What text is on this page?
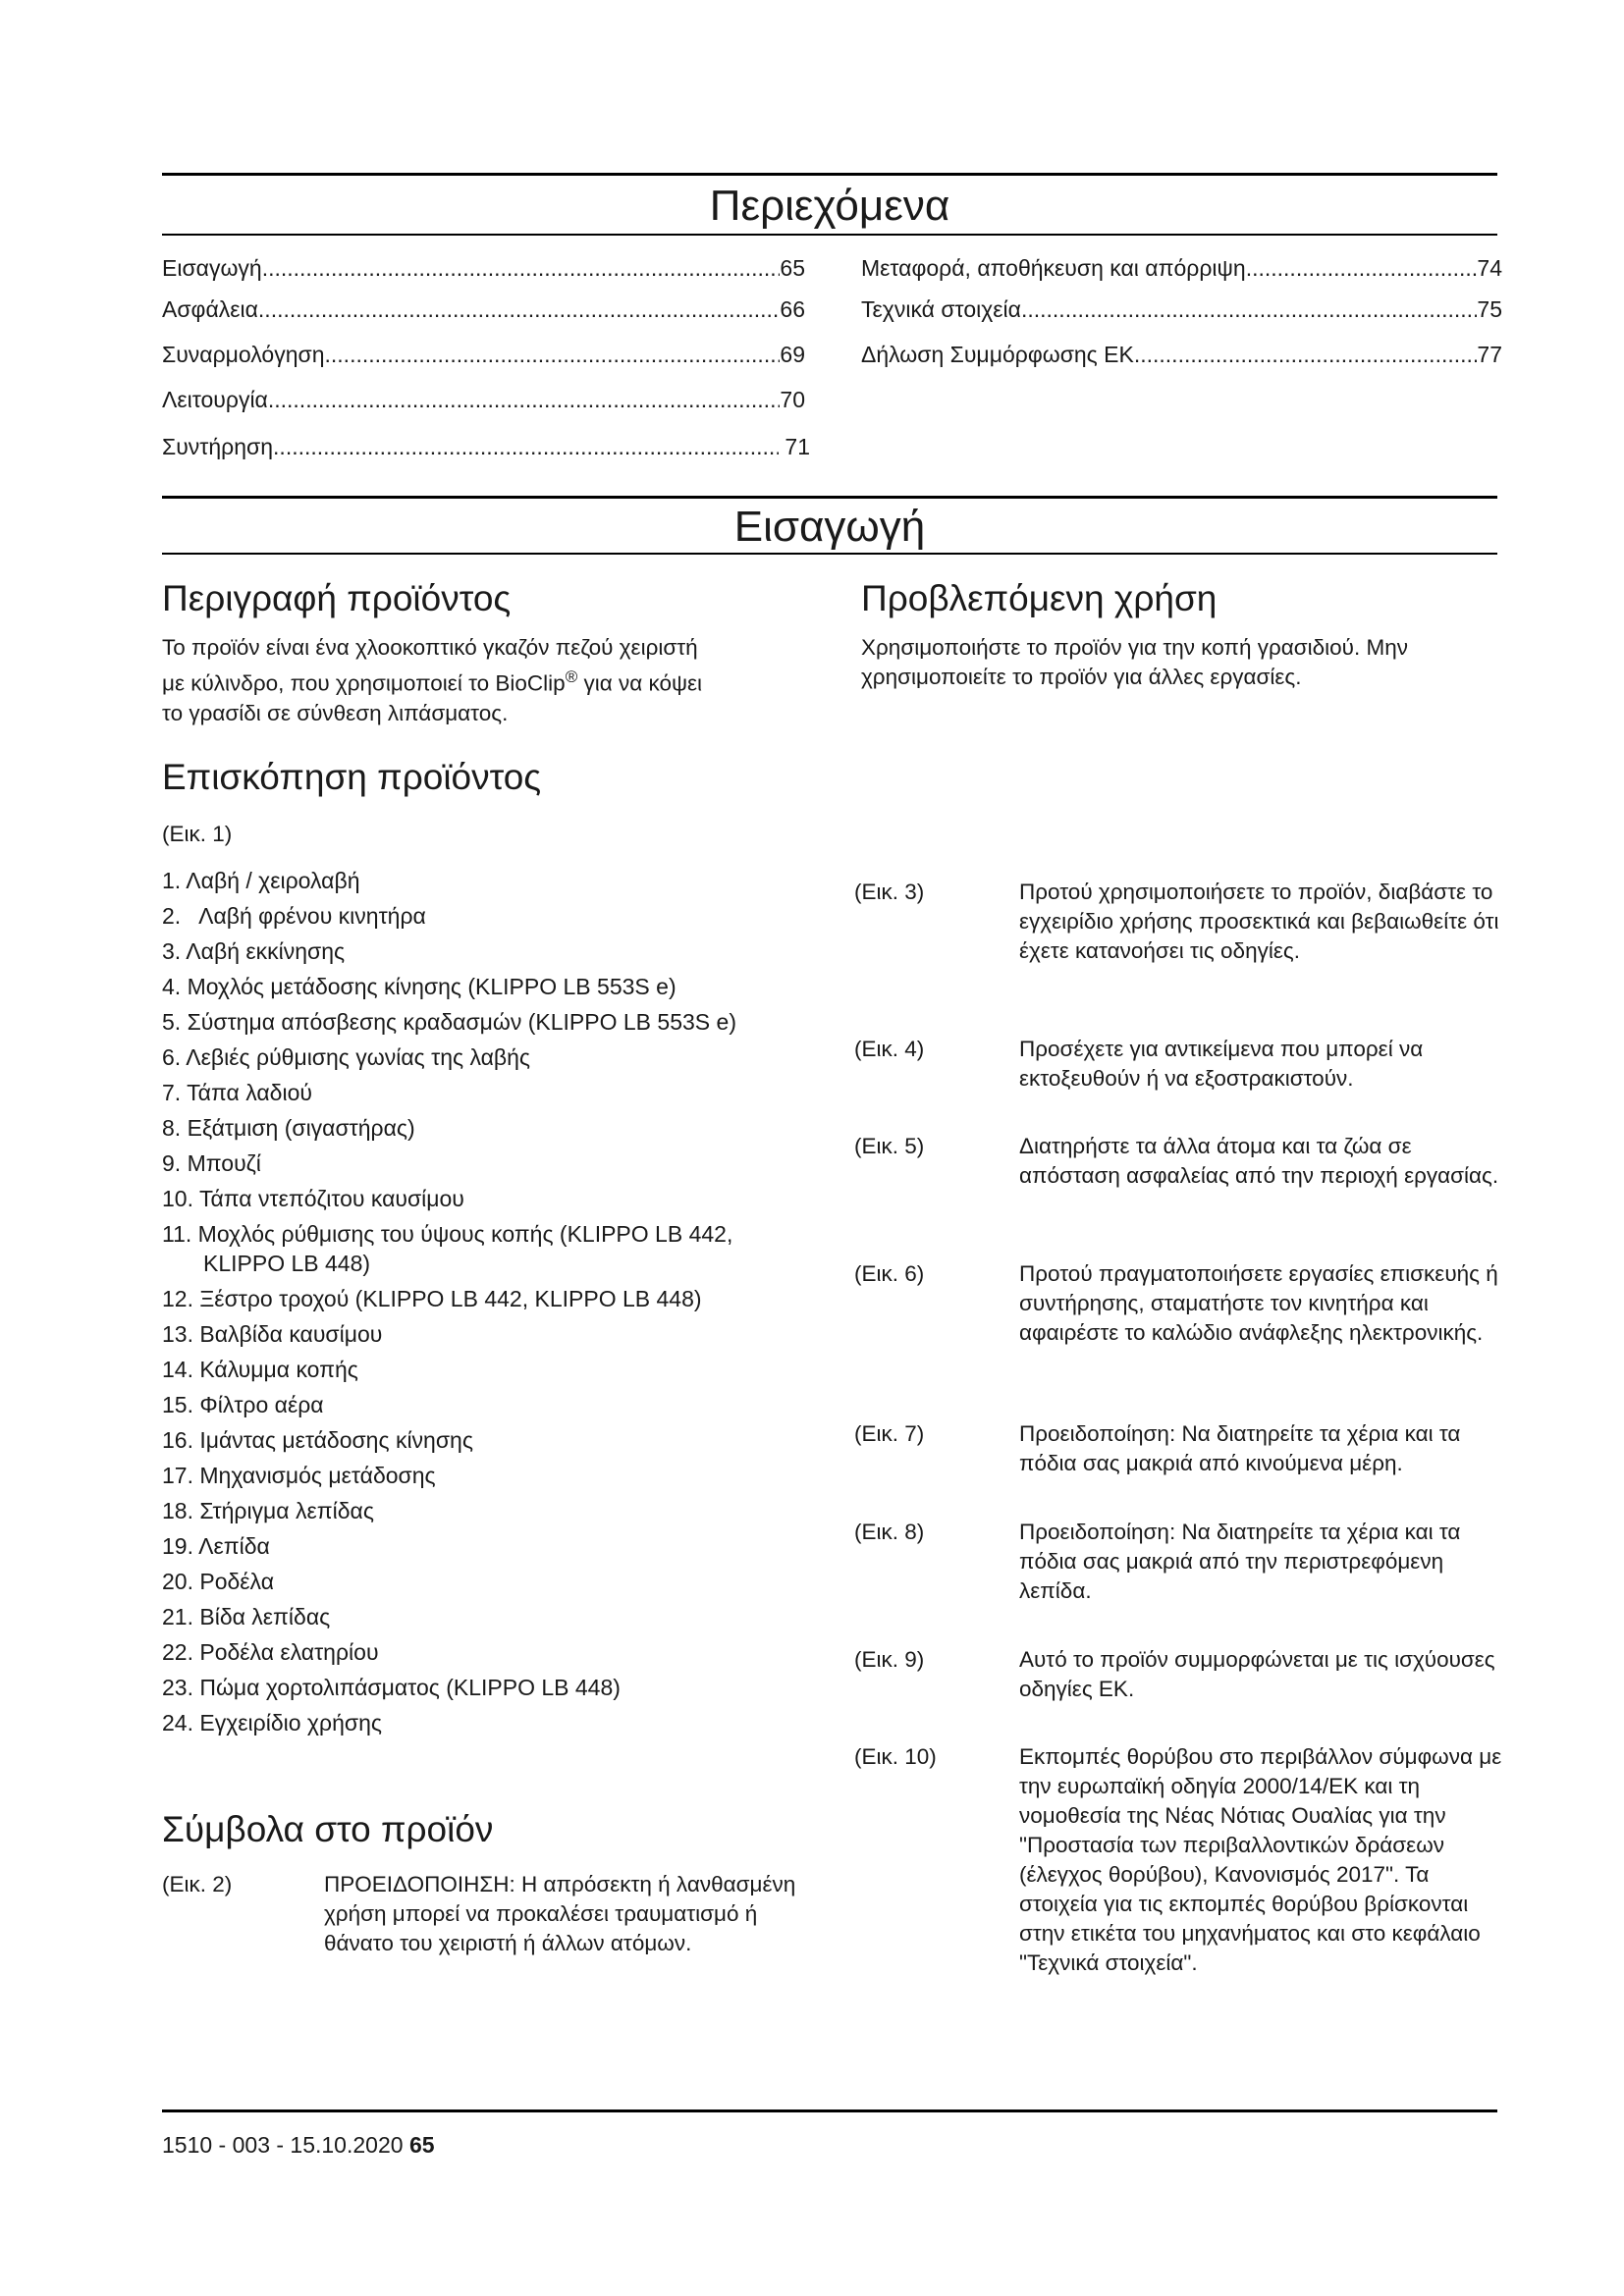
Περιεχόμενα
Εισαγωγή .....	65
Ασφάλεια .....	66
Συναρμολόγηση .....	69
Λειτουργία .....	70
Συντήρηση .....	71
Μεταφορά, αποθήκευση και απόρριψη .....	74
Τεχνικά στοιχεία .....	75
Δήλωση Συμμόρφωσης ΕΚ .....	77
Εισαγωγή
Περιγραφή προϊόντος
Το προϊόν είναι ένα χλοοκοπτικό γκαζόν πεζού χειριστή
με κύλινδρο, που χρησιμοποιεί το BioClip® για να κόψει
το γρασίδι σε σύνθεση λιπάσματος.
Προβλεπόμενη χρήση
Χρησιμοποιήστε το προϊόν για την κοπή γρασιδιού. Μην χρησιμοποιείτε το προϊόν για άλλες εργασίες.
Επισκόπηση προϊόντος
(Εικ. 1)
1. Λαβή / χειρολαβή
2.   Λαβή φρένου κινητήρα
3. Λαβή εκκίνησης
4. Μοχλός μετάδοσης κίνησης (KLIPPO LB 553S e)
5. Σύστημα απόσβεσης κραδασμών (KLIPPO LB 553S e)
6. Λεβιές ρύθμισης γωνίας της λαβής
7. Τάπα λαδιού
8. Εξάτμιση (σιγαστήρας)
9. Μπουζί
10. Τάπα ντεπόζιτου καυσίμου
11. Μοχλός ρύθμισης του ύψους κοπής (KLIPPO LB 442, KLIPPO LB 448)
12. Ξέστρο τροχού (KLIPPO LB 442, KLIPPO LB 448)
13. Βαλβίδα καυσίμου
14. Κάλυμμα κοπής
15. Φίλτρο αέρα
16. Ιμάντας μετάδοσης κίνησης
17. Μηχανισμός μετάδοσης
18. Στήριγμα λεπίδας
19. Λεπίδα
20. Ροδέλα
21. Βίδα λεπίδας
22. Ροδέλα ελατηρίου
23. Πώμα χορτολιπάσματος (KLIPPO LB 448)
24. Εγχειρίδιο χρήσης
Σύμβολα στο προϊόν
(Εικ. 2)	ΠΡΟΕΙΔΟΠΟΙΗΣΗ: Η απρόσεκτη ή λανθασμένη χρήση μπορεί να προκαλέσει τραυματισμό ή θάνατο του χειριστή ή άλλων ατόμων.
(Εικ. 3)	Προτού χρησιμοποιήσετε το προϊόν, διαβάστε το εγχειρίδιο χρήσης προσεκτικά και βεβαιωθείτε ότι έχετε κατανοήσει τις οδηγίες.
(Εικ. 4)	Προσέχετε για αντικείμενα που μπορεί να εκτοξευθούν ή να εξοστρακιστούν.
(Εικ. 5)	Διατηρήστε τα άλλα άτομα και τα ζώα σε απόσταση ασφαλείας από την περιοχή εργασίας.
(Εικ. 6)	Προτού πραγματοποιήσετε εργασίες επισκευής ή συντήρησης, σταματήστε τον κινητήρα και αφαιρέστε το καλώδιο ανάφλεξης ηλεκτρονικής.
(Εικ. 7)	Προειδοποίηση: Να διατηρείτε τα χέρια και τα πόδια σας μακριά από κινούμενα μέρη.
(Εικ. 8)	Προειδοποίηση: Να διατηρείτε τα χέρια και τα πόδια σας μακριά από την περιστρεφόμενη λεπίδα.
(Εικ. 9)	Αυτό το προϊόν συμμορφώνεται με τις ισχύουσες οδηγίες ΕΚ.
(Εικ. 10)	Εκπομπές θορύβου στο περιβάλλον σύμφωνα με την ευρωπαϊκή οδηγία 2000/14/ΕΚ και τη νομοθεσία της Νέας Νότιας Ουαλίας για την "Προστασία των περιβαλλοντικών δράσεων (έλεγχος θορύβου), Κανονισμός 2017". Τα στοιχεία για τις εκπομπές θορύβου βρίσκονται στην ετικέτα του μηχανήματος και στο κεφάλαιο "Τεχνικά στοιχεία".
1510 - 003 - 15.10.2020 65
